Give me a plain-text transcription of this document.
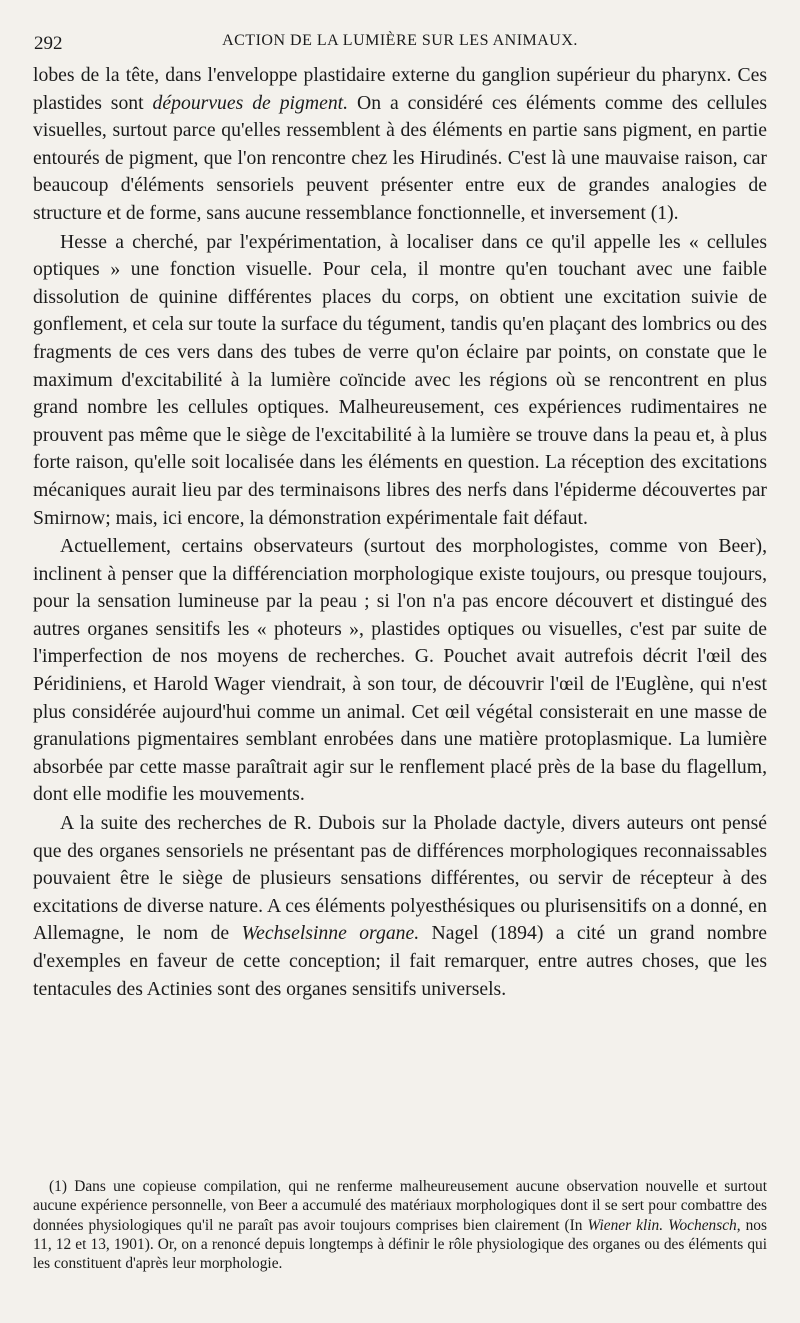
292	ACTION DE LA LUMIÈRE SUR LES ANIMAUX.

lobes de la tête, dans l'enveloppe plastidaire externe du ganglion supérieur du pharynx. Ces plastides sont dépourvues de pigment. On a considéré ces éléments comme des cellules visuelles, surtout parce qu'elles ressemblent à des éléments en partie sans pigment, en partie entourés de pigment, que l'on rencontre chez les Hirudinés. C'est là une mauvaise raison, car beaucoup d'éléments sensoriels peuvent présenter entre eux de grandes analogies de structure et de forme, sans aucune ressemblance fonctionnelle, et inversement (1).

Hesse a cherché, par l'expérimentation, à localiser dans ce qu'il appelle les « cellules optiques » une fonction visuelle. Pour cela, il montre qu'en touchant avec une faible dissolution de quinine différentes places du corps, on obtient une excitation suivie de gonflement, et cela sur toute la surface du tégument, tandis qu'en plaçant des lombrics ou des fragments de ces vers dans des tubes de verre qu'on éclaire par points, on constate que le maximum d'excitabilité à la lumière coïncide avec les régions où se rencontrent en plus grand nombre les cellules optiques. Malheureusement, ces expériences rudimentaires ne prouvent pas même que le siège de l'excitabilité à la lumière se trouve dans la peau et, à plus forte raison, qu'elle soit localisée dans les éléments en question. La réception des excitations mécaniques aurait lieu par des terminaisons libres des nerfs dans l'épiderme découvertes par Smirnow; mais, ici encore, la démonstration expérimentale fait défaut.

Actuellement, certains observateurs (surtout des morphologistes, comme von Beer), inclinent à penser que la différenciation morphologique existe toujours, ou presque toujours, pour la sensation lumineuse par la peau ; si l'on n'a pas encore découvert et distingué des autres organes sensitifs les « photeurs », plastides optiques ou visuelles, c'est par suite de l'imperfection de nos moyens de recherches. G. Pouchet avait autrefois décrit l'œil des Péridiniens, et Harold Wager viendrait, à son tour, de découvrir l'œil de l'Euglène, qui n'est plus considérée aujourd'hui comme un animal. Cet œil végétal consisterait en une masse de granulations pigmentaires semblant enrobées dans une matière protoplasmique. La lumière absorbée par cette masse paraîtrait agir sur le renflement placé près de la base du flagellum, dont elle modifie les mouvements.

A la suite des recherches de R. Dubois sur la Pholade dactyle, divers auteurs ont pensé que des organes sensoriels ne présentant pas de différences morphologiques reconnaissables pouvaient être le siège de plusieurs sensations différentes, ou servir de récepteur à des excitations de diverse nature. A ces éléments polyesthésiques ou plurisensitifs on a donné, en Allemagne, le nom de Wechselsinne organe. Nagel (1894) a cité un grand nombre d'exemples en faveur de cette conception; il fait remarquer, entre autres choses, que les tentacules des Actinies sont des organes sensitifs universels.

(1) Dans une copieuse compilation, qui ne renferme malheureusement aucune observation nouvelle et surtout aucune expérience personnelle, von Beer a accumulé des matériaux morphologiques dont il se sert pour combattre des données physiologiques qu'il ne paraît pas avoir toujours comprises bien clairement (In Wiener klin. Wochensch, nos 11, 12 et 13, 1901). Or, on a renoncé depuis longtemps à définir le rôle physiologique des organes ou des éléments qui les constituent d'après leur morphologie.
